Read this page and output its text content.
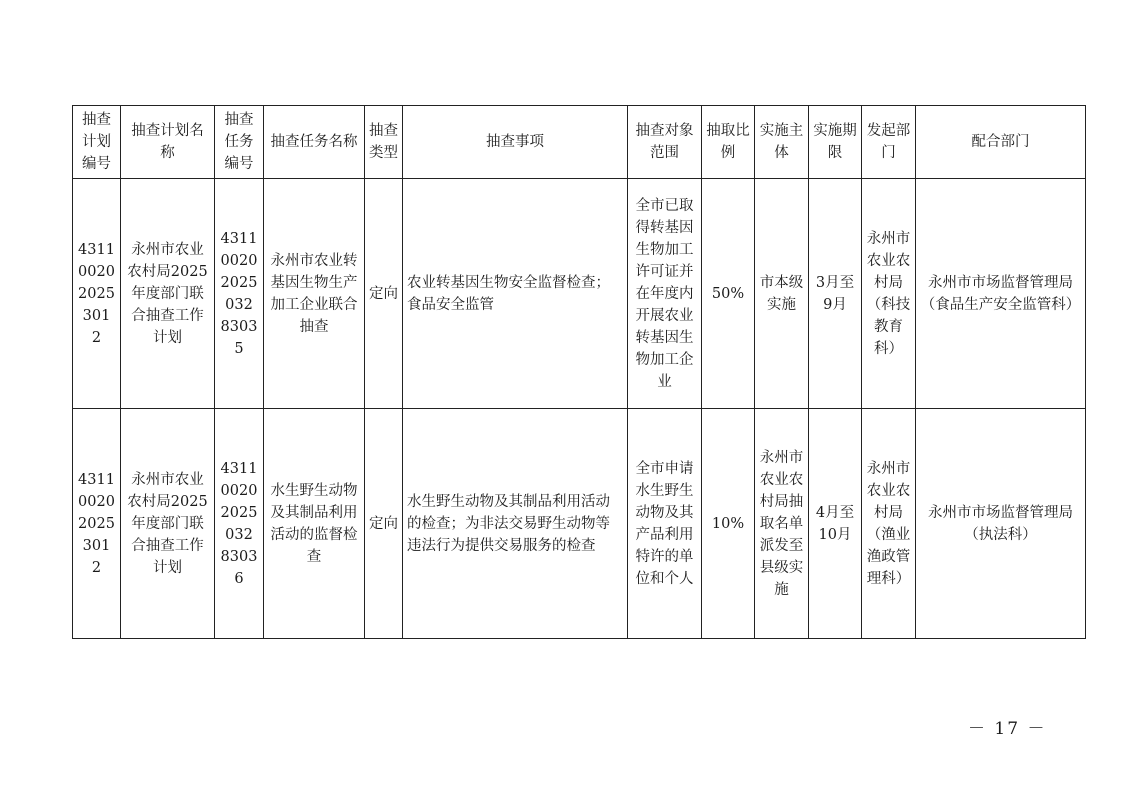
抽查计划编号	抽查计划名称	抽查任务编号	抽查任务名称	抽查类型	抽查事项	抽查对象范围	抽取比例	实施主体	实施期限	发起部门	配合部门
431100202025301 2	永州市农业农村局2025年度部门联合抽查工作计划	431100202025032 83035	永州市农业转基因生物生产加工企业联合抽查	定向	农业转基因生物安全监督检查；食品安全监管	全市已取得转基因生物加工许可证并在年度内开展农业转基因生物加工企业	50%	市本级实施	3月至9月	永州市农业农村局（科技教育科）	永州市市场监督管理局（食品生产安全监管科）
431100202025301 2	永州市农业农村局2025年度部门联合抽查工作计划	431100202025032 83036	水生野生动物及其制品利用活动的监督检查	定向	水生野生动物及其制品利用活动的检查；为非法交易野生动物等违法行为提供交易服务的检查	全市申请水生野生动物及其产品利用特许的单位和个人	10%	永州市农业农村局抽取名单派发至县级实施	4月至10月	永州市农业农村局（渔业渔政管理科）	永州市市场监督管理局（执法科）
－ 17 －
